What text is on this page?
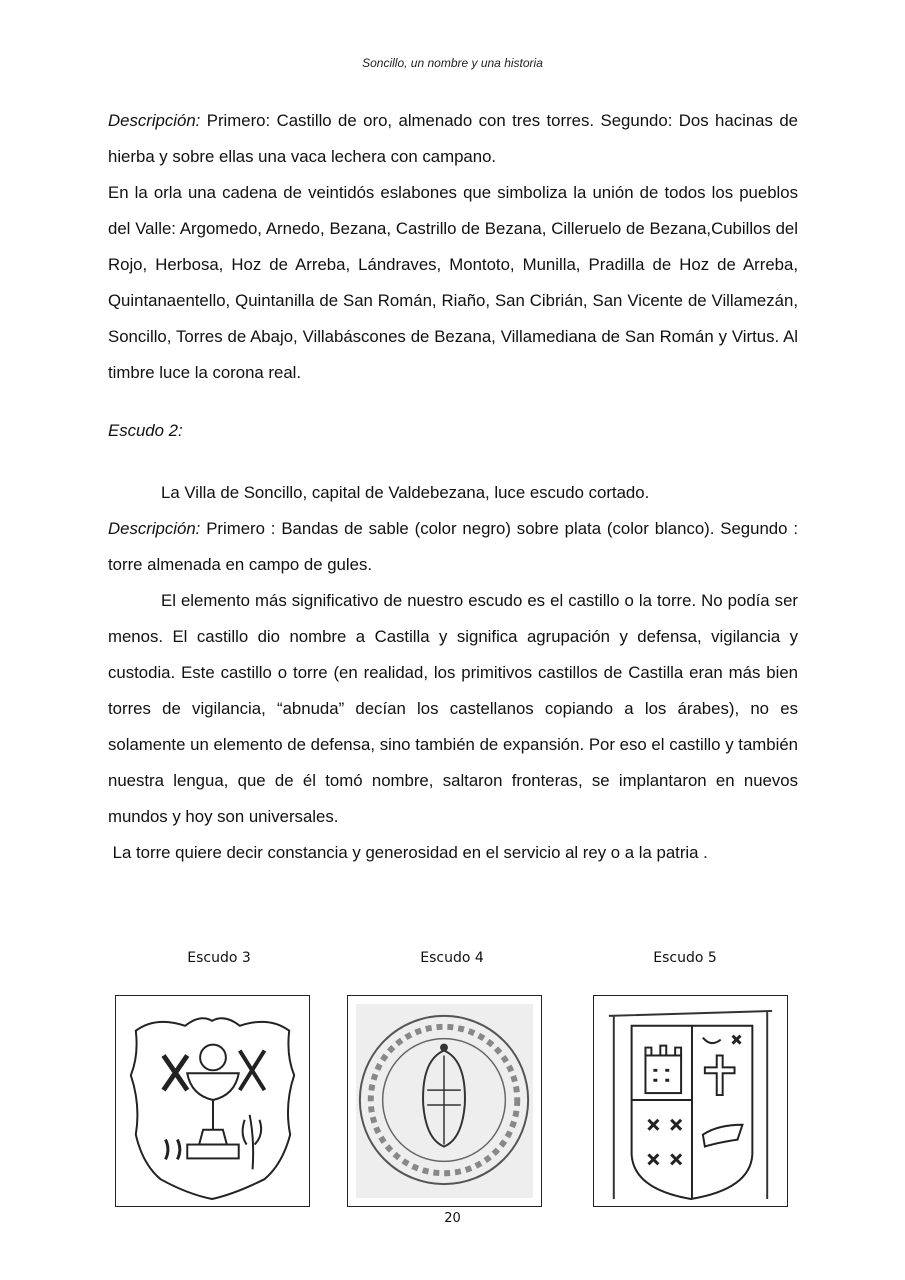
Soncillo, un nombre y una historia

Descripción: Primero: Castillo de oro, almenado con tres torres. Segundo: Dos hacinas de hierba y sobre ellas una vaca lechera con campano.

En la orla una cadena de veintidós eslabones que simboliza la unión de todos los pueblos del Valle: Argomedo, Arnedo, Bezana, Castrillo de Bezana, Cilleruelo de Bezana,Cubillos del Rojo, Herbosa, Hoz de Arreba, Lándraves, Montoto, Munilla, Pradilla de Hoz de Arreba, Quintanaentello, Quintanilla de San Román, Riaño, San Cibrián, San Vicente de Villamezán, Soncillo, Torres de Abajo, Villabáscones de Bezana, Villamediana de San Román y Virtus. Al timbre luce la corona real.

Escudo 2:

La Villa de Soncillo, capital de Valdebezana, luce escudo cortado.

Descripción: Primero : Bandas de sable (color negro) sobre plata (color blanco). Segundo : torre almenada en campo de gules.

El elemento más significativo de nuestro escudo es el castillo o la torre. No podía ser menos. El castillo dio nombre a Castilla y significa agrupación y defensa, vigilancia y custodia. Este castillo o torre (en realidad, los primitivos castillos de Castilla eran más bien torres de vigilancia, “abnuda” decían los castellanos copiando a los árabes), no es solamente un elemento de defensa, sino también de expansión. Por eso el castillo y también nuestra lengua, que de él tomó nombre, saltaron fronteras, se implantaron en nuevos mundos y hoy son universales.

La torre quiere decir constancia y generosidad en el servicio al rey o a la patria .

Escudo 3	Escudo 4	Escudo 5
20
